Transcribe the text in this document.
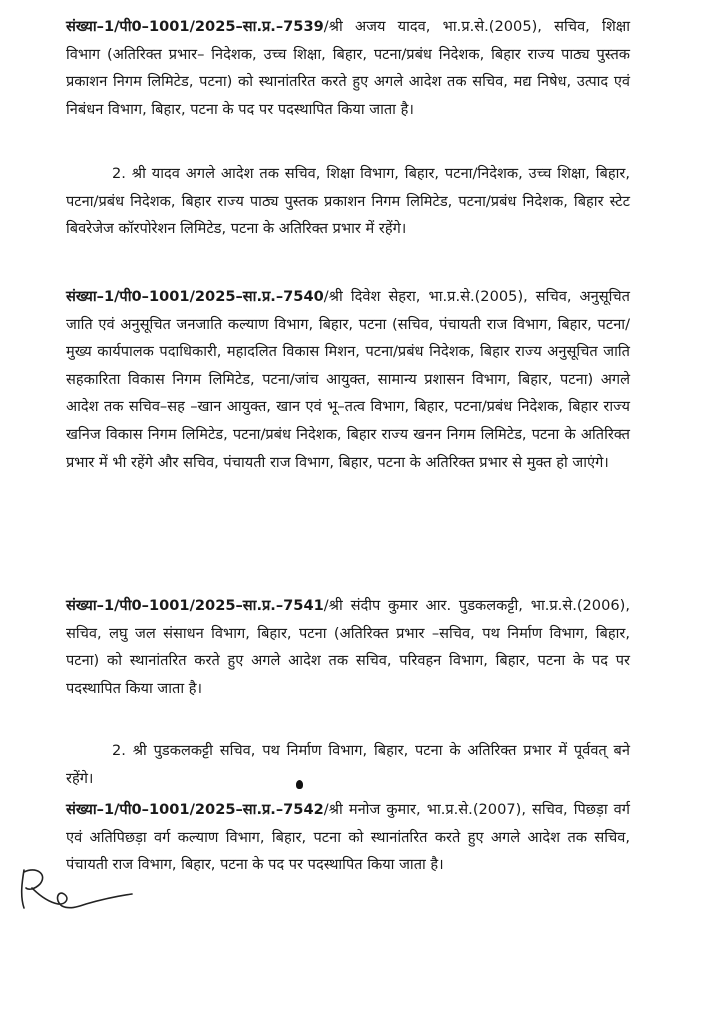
संख्या–1/पी0–1001/2025–सा.प्र.–7539/श्री अजय यादव, भा.प्र.से.(2005), सचिव, शिक्षा विभाग (अतिरिक्त प्रभार– निदेशक, उच्च शिक्षा, बिहार, पटना/प्रबंध निदेशक, बिहार राज्य पाठ्य पुस्तक प्रकाशन निगम लिमिटेड, पटना) को स्थानांतरित करते हुए अगले आदेश तक सचिव, मद्य निषेध, उत्पाद एवं निबंधन विभाग, बिहार, पटना के पद पर पदस्थापित किया जाता है।

2. श्री यादव अगले आदेश तक सचिव, शिक्षा विभाग, बिहार, पटना/निदेशक, उच्च शिक्षा, बिहार, पटना/प्रबंध निदेशक, बिहार राज्य पाठ्य पुस्तक प्रकाशन निगम लिमिटेड, पटना/प्रबंध निदेशक, बिहार स्टेट बिवरेजेज कॉरपोरेशन लिमिटेड, पटना के अतिरिक्त प्रभार में रहेंगे।

संख्या–1/पी0–1001/2025–सा.प्र.–7540/श्री दिवेश सेहरा, भा.प्र.से.(2005), सचिव, अनुसूचित जाति एवं अनुसूचित जनजाति कल्याण विभाग, बिहार, पटना (सचिव, पंचायती राज विभाग, बिहार, पटना/मुख्य कार्यपालक पदाधिकारी, महादलित विकास मिशन, पटना/प्रबंध निदेशक, बिहार राज्य अनुसूचित जाति सहकारिता विकास निगम लिमिटेड, पटना/जांच आयुक्त, सामान्य प्रशासन विभाग, बिहार, पटना) अगले आदेश तक सचिव–सह –खान आयुक्त, खान एवं भू–तत्व विभाग, बिहार, पटना/प्रबंध निदेशक, बिहार राज्य खनिज विकास निगम लिमिटेड, पटना/प्रबंध निदेशक, बिहार राज्य खनन निगम लिमिटेड, पटना के अतिरिक्त प्रभार में भी रहेंगे और सचिव, पंचायती राज विभाग, बिहार, पटना के अतिरिक्त प्रभार से मुक्त हो जाएंगे।

संख्या–1/पी0–1001/2025–सा.प्र.–7541/श्री संदीप कुमार आर. पुडकलकट्टी, भा.प्र.से.(2006), सचिव, लघु जल संसाधन विभाग, बिहार, पटना (अतिरिक्त प्रभार –सचिव, पथ निर्माण विभाग, बिहार, पटना) को स्थानांतरित करते हुए अगले आदेश तक सचिव, परिवहन विभाग, बिहार, पटना के पद पर पदस्थापित किया जाता है।

2. श्री पुडकलकट्टी सचिव, पथ निर्माण विभाग, बिहार, पटना के अतिरिक्त प्रभार में पूर्ववत् बने रहेंगे।

संख्या–1/पी0–1001/2025–सा.प्र.–7542/श्री मनोज कुमार, भा.प्र.से.(2007), सचिव, पिछड़ा वर्ग एवं अतिपिछड़ा वर्ग कल्याण विभाग, बिहार, पटना को स्थानांतरित करते हुए अगले आदेश तक सचिव, पंचायती राज विभाग, बिहार, पटना के पद पर पदस्थापित किया जाता है।
